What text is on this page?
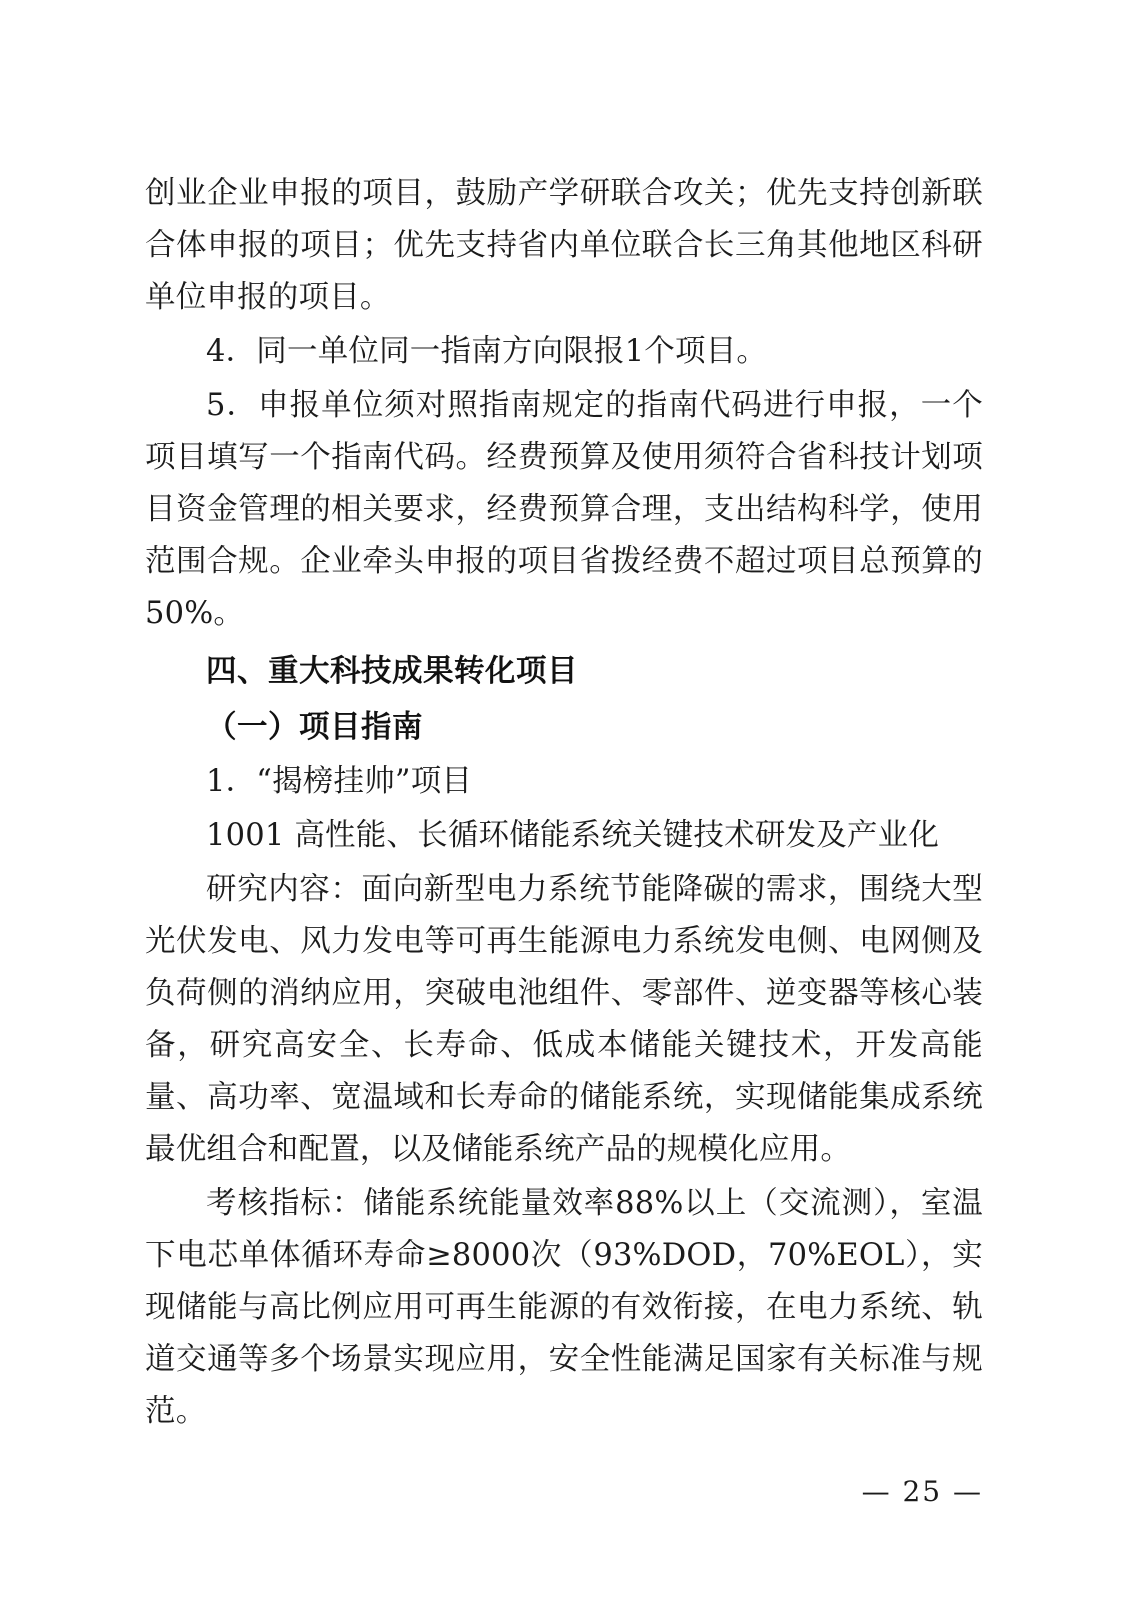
创业企业申报的项目，鼓励产学研联合攻关；优先支持创新联合体申报的项目；优先支持省内单位联合长三角其他地区科研单位申报的项目。

4．同一单位同一指南方向限报1个项目。

5．申报单位须对照指南规定的指南代码进行申报，一个项目填写一个指南代码。经费预算及使用须符合省科技计划项目资金管理的相关要求，经费预算合理，支出结构科学，使用范围合规。企业牵头申报的项目省拨经费不超过项目总预算的50%。

四、重大科技成果转化项目

（一）项目指南

1．“揭榜挂帅”项目

1001 高性能、长循环储能系统关键技术研发及产业化

研究内容：面向新型电力系统节能降碳的需求，围绕大型光伏发电、风力发电等可再生能源电力系统发电侧、电网侧及负荷侧的消纳应用，突破电池组件、零部件、逆变器等核心装备，研究高安全、长寿命、低成本储能关键技术，开发高能量、高功率、宽温域和长寿命的储能系统，实现储能集成系统最优组合和配置，以及储能系统产品的规模化应用。

考核指标：储能系统能量效率88%以上（交流测），室温下电芯单体循环寿命≥8000次（93%DOD，70%EOL），实现储能与高比例应用可再生能源的有效衔接，在电力系统、轨道交通等多个场景实现应用，安全性能满足国家有关标准与规范。

— 25 —
